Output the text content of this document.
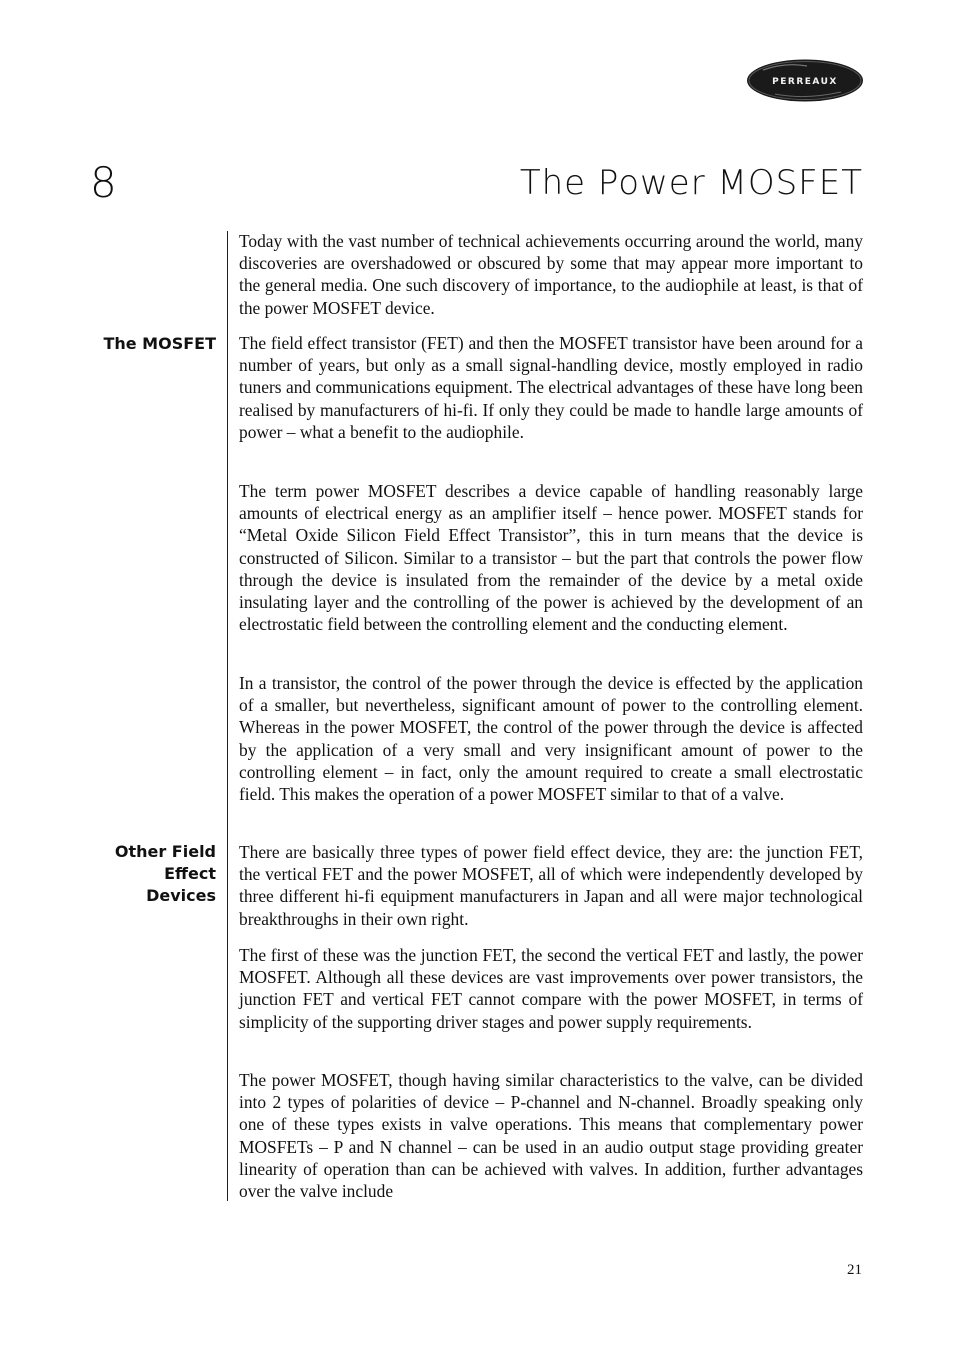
PERREAUX
8	The Power MOSFET
The MOSFET
Other Field
Effect
Devices

Today with the vast number of technical achievements occurring around the world, many discoveries are overshadowed or obscured by some that may appear more important to the general media. One such discovery of importance, to the audiophile at least, is that of the power MOSFET device.

The field effect transistor (FET) and then the MOSFET transistor have been around for a number of years, but only as a small signal-handling device, mostly employed in radio tuners and communications equipment. The electrical advantages of these have long been realised by manufacturers of hi-fi. If only they could be made to handle large amounts of power – what a benefit to the audiophile.

The term power MOSFET describes a device capable of handling reasonably large amounts of electrical energy as an amplifier itself – hence power. MOSFET stands for “Metal Oxide Silicon Field Effect Transistor”, this in turn means that the device is constructed of Silicon. Similar to a transistor – but the part that controls the power flow through the device is insulated from the remainder of the device by a metal oxide insulating layer and the controlling of the power is achieved by the development of an electrostatic field between the controlling element and the conducting element.

In a transistor, the control of the power through the device is effected by the application of a smaller, but nevertheless, significant amount of power to the controlling element. Whereas in the power MOSFET, the control of the power through the device is affected by the application of a very small and very insignificant amount of power to the controlling element – in fact, only the amount required to create a small electrostatic field. This makes the operation of a power MOSFET similar to that of a valve.

There are basically three types of power field effect device, they are: the junction FET, the vertical FET and the power MOSFET, all of which were independently developed by three different hi-fi equipment manufacturers in Japan and all were major technological breakthroughs in their own right.

The first of these was the junction FET, the second the vertical FET and lastly, the power MOSFET. Although all these devices are vast improvements over power transistors, the junction FET and vertical FET cannot compare with the power MOSFET, in terms of simplicity of the supporting driver stages and power supply requirements.

The power MOSFET, though having similar characteristics to the valve, can be divided into 2 types of polarities of device – P-channel and N-channel. Broadly speaking only one of these types exists in valve operations. This means that complementary power MOSFETs – P and N channel – can be used in an audio output stage providing greater linearity of operation than can be achieved with valves. In addition, further advantages over the valve include

21
